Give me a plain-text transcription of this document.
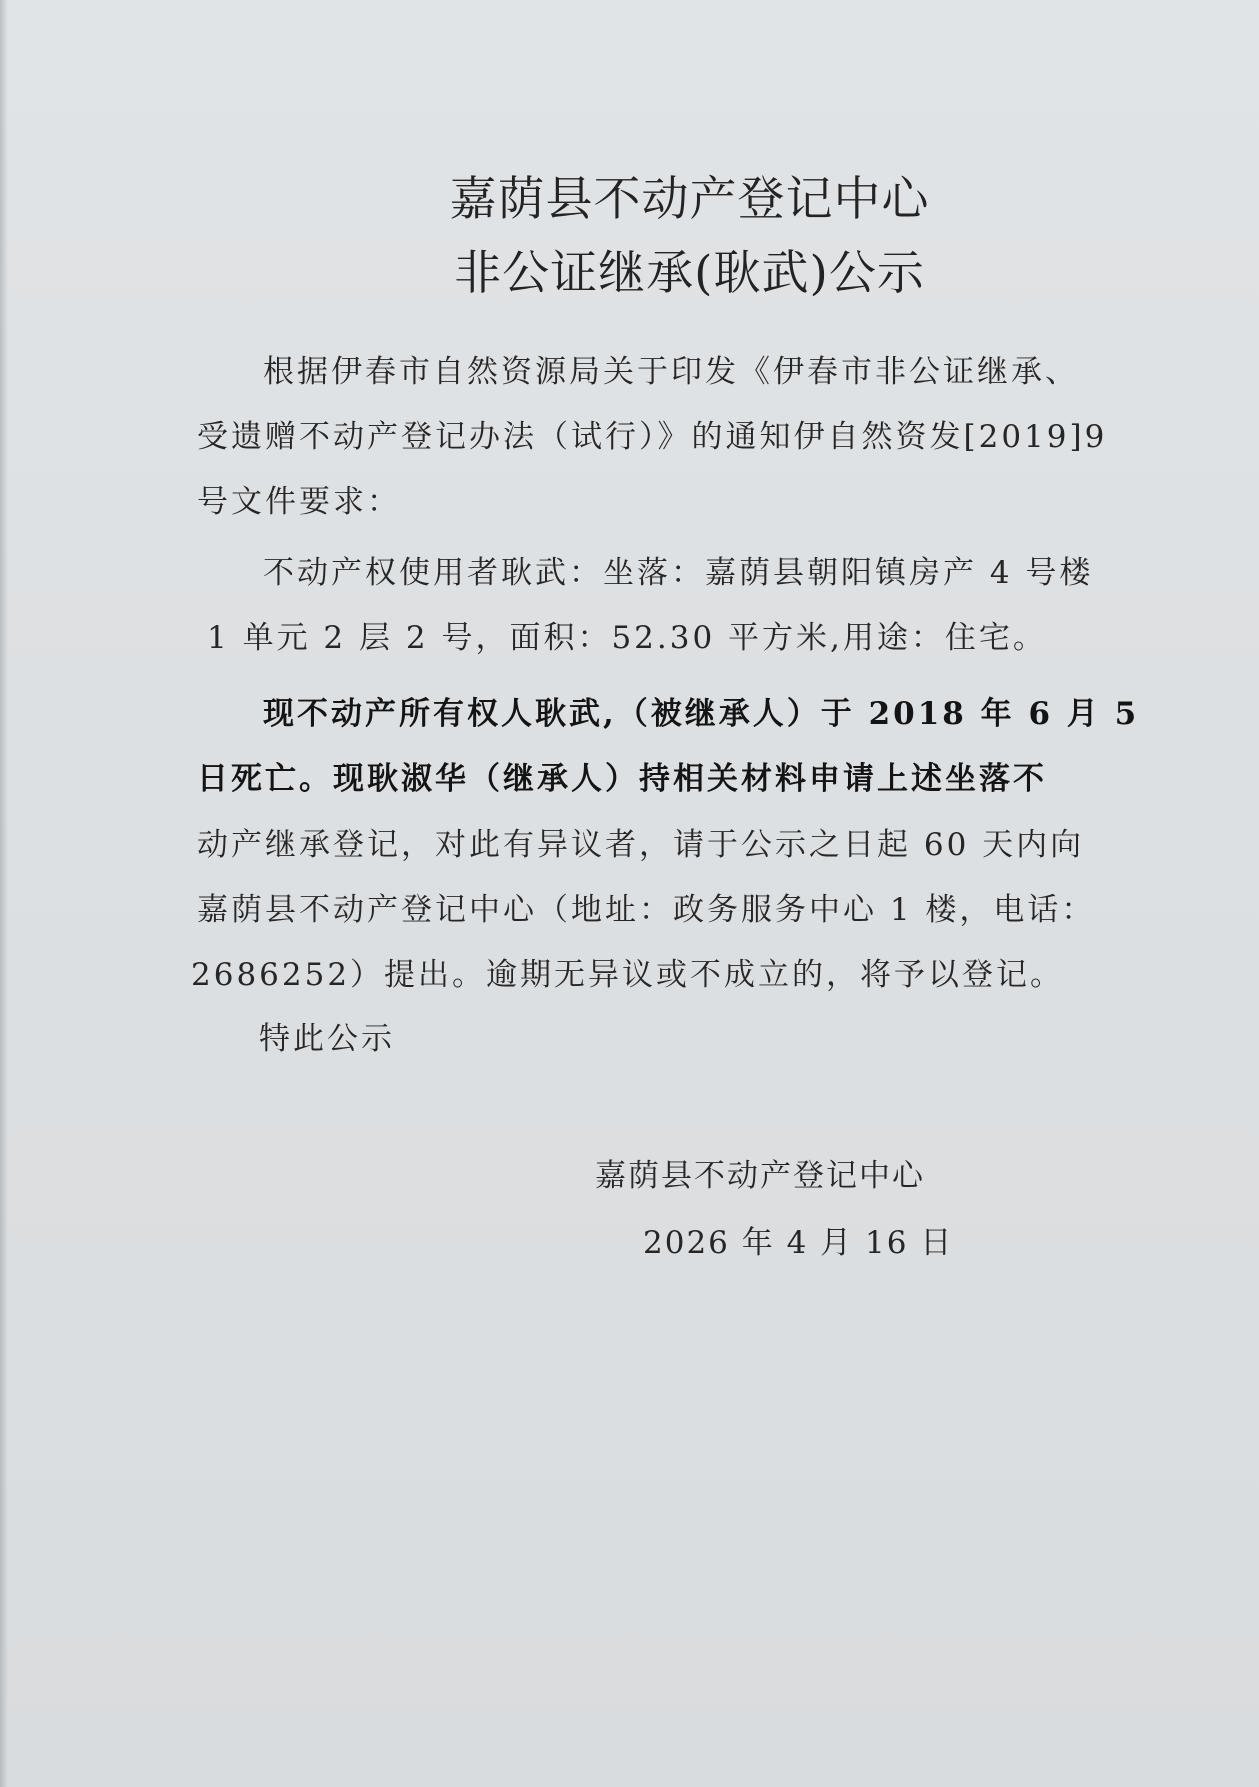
嘉荫县不动产登记中心
非公证继承(耿武)公示
根据伊春市自然资源局关于印发《伊春市非公证继承、
受遗赠不动产登记办法（试行）》的通知伊自然资发[2019]9
号文件要求：
不动产权使用者耿武：坐落：嘉荫县朝阳镇房产 4 号楼
1 单元 2 层 2 号，面积：52.30 平方米,用途：住宅。
现不动产所有权人耿武,（被继承人）于 2018 年 6 月 5
日死亡。现耿淑华（继承人）持相关材料申请上述坐落不
动产继承登记，对此有异议者，请于公示之日起 60 天内向
嘉荫县不动产登记中心（地址：政务服务中心 1 楼，电话：
2686252）提出。逾期无异议或不成立的，将予以登记。
特此公示
嘉荫县不动产登记中心
2026 年 4 月 16 日
